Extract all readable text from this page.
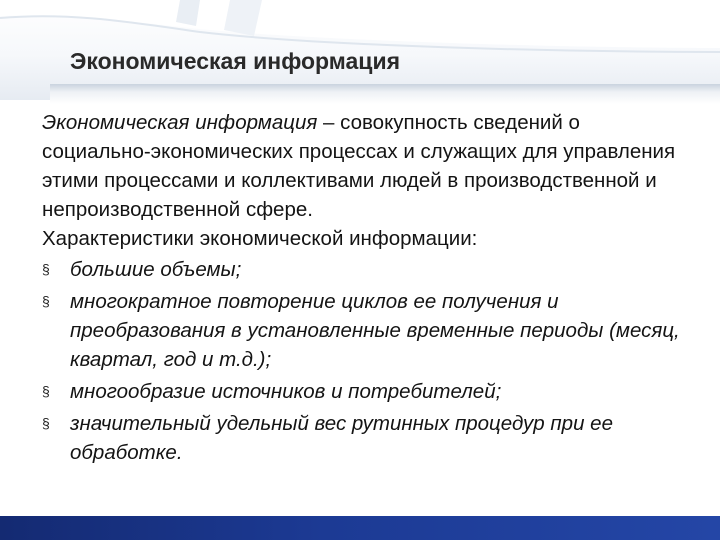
Экономическая информация

Экономическая информация – совокупность сведений о социально-экономических процессах и служащих для управления этими процессами и коллективами людей в производственной и непроизводственной сфере.

Характеристики экономической информации:

§ большие объемы;
§ многократное повторение циклов ее получения и преобразования в установленные временные периоды (месяц, квартал, год и т.д.);
§ многообразие источников и потребителей;
§ значительный удельный вес рутинных процедур при ее обработке.
